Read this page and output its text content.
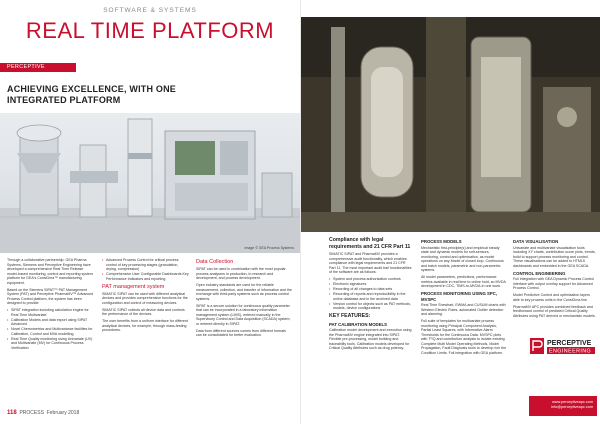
SOFTWARE & SYSTEMS
REAL TIME PLATFORM
PERCEPTIVE ENGINEERING
ACHIEVING EXCELLENCE, WITH ONE INTEGRATED PLATFORM
Image © GEA Process Systems

Through a collaborative partnership, GEA Pharma Systems, Siemens and Perceptive Engineering have developed a comprehensive Real Time Release model-based monitoring, control and reporting system platform for GEA's ConsiGma™ manufacturing equipment.

Based on the Siemens SIPAT™ PAT Management System (PAT) and Perceptive PharmaMV™ Advanced Process Control platform, the system has been designed to provide:

• SIPAT integration including calculation engine for Real Time Multivariate
• Calibration Models and data export using SIPAT Advanced
• Novel Chemometrics and Multivariance facilities for Calibration, Control and MVA modelling
• Real Time Quality monitoring using Univariate (UV) and Multivariate (MV) for Continuous Process Verification
• Advanced Process Control for critical process control of key processing stages (granulation, drying, compression)
• Comprehensive User Configurable Dashboards Key Performance Indicators and reporting
PAT management system

SIMATIC SIPAT can be used with different analytical devices and provides comprehensive functions for the configuration and control of measuring devices.

SIMATIC SIPAT collects all device data and controls the performance of the devices.

The user benefits from a uniform interface for different analytical devices, for example, through mass-testing procedures.

Data Collection

SIPAT can be used in combination with the most popular process analysers in production, in research and development, and process development.

Open industry standards are used for the reliable measurement, collection, and transfer of information and the exchange with third-party systems such as process control systems.

SIPAT is a secure solution for continuous quality parameter that can be incorporated in a laboratory information management system (LIMS), entered manually in the Supervisory Control and Data Acquisition (SCADA) system, or entered directly in SIPAT.

Data from different sources comes from different formats can be consolidated for better evaluation.

118 PROCESS February 2018
Compliance with legal requirements and 21 CFR Part 11

SIMATIC SIPAT and PharmaMV provides a comprehensive audit functionality, which enables compliance with legal requirements and 21 CFR Part 11. The most important audit trail functionalities of the software are as follows:

• System and process authorisation controls
• Electronic signatures
• Recording of all changes to data sets
• Recording of reports and reproducibility in the online database and in the archived data
• Version control for objects such as PAT methods, models, device configurations
KEY FEATURES:
PAT CALIBRATION MODELS

Calibration model development and execution using the PharmaMV engine integrated into SIPAT. Flexible pre-processing, model building and traceability tools. Calibration models developed for Critical Quality Attributes such as drug potency.

PROCESS MODELS

Mechanistic first-principle(s) and empirical steady state and dynamic models for soft-sensors, monitoring, control and optimisation, as model operations on any Model of closed loop. Continuous and batch models, parametric and non-parametric systems.

All model parameters, predictions, performance metrics available in real time to online hold, so MVDA development in CDC, TIMS-to-MVDA-in one work.

PROCESS MONITORING USING SPC, MVSPC

Real Time Shewhart, EWMA and CUSUM charts with Western Electric Rules, automated Outlier detection and alarming.

Full suite of templates for multivariate process monitoring using Principal Component Analysis, Partial Least Squares, with Informative Alarm Thresholds for the Continuous Data. MVSPC plots with T²/Q and contribution analysis to isolate existing Complete Multi Model Operating Methods, Model Propagation, Fault Diagnosis tools to develop rich the Condition Limits. Full integration with GEA platform.

DATA VISUALISATION

Univariate and multivariate visualisation tools including XY charts, contribution score plots, trends, build to support process monitoring and control. These visualisations can be added to HTML5 dashboards and embedded in the GEA SCADA.

CONTROL ENGINEERING

Full integration with GEA Dynamic Process Control interface with output overlay support for Advanced Process Control.

Model Predictive Control and optimisation layers able to key process units in the ConsiGma line.

PharmaMV APC provides combined feedback and feedforward control of predicted Critical Quality Attributes using PAT derived or mechanistic models.

PERCEPTIVE
ENGINEERING
www.perceptiveapc.com
info@perceptiveapc.com
